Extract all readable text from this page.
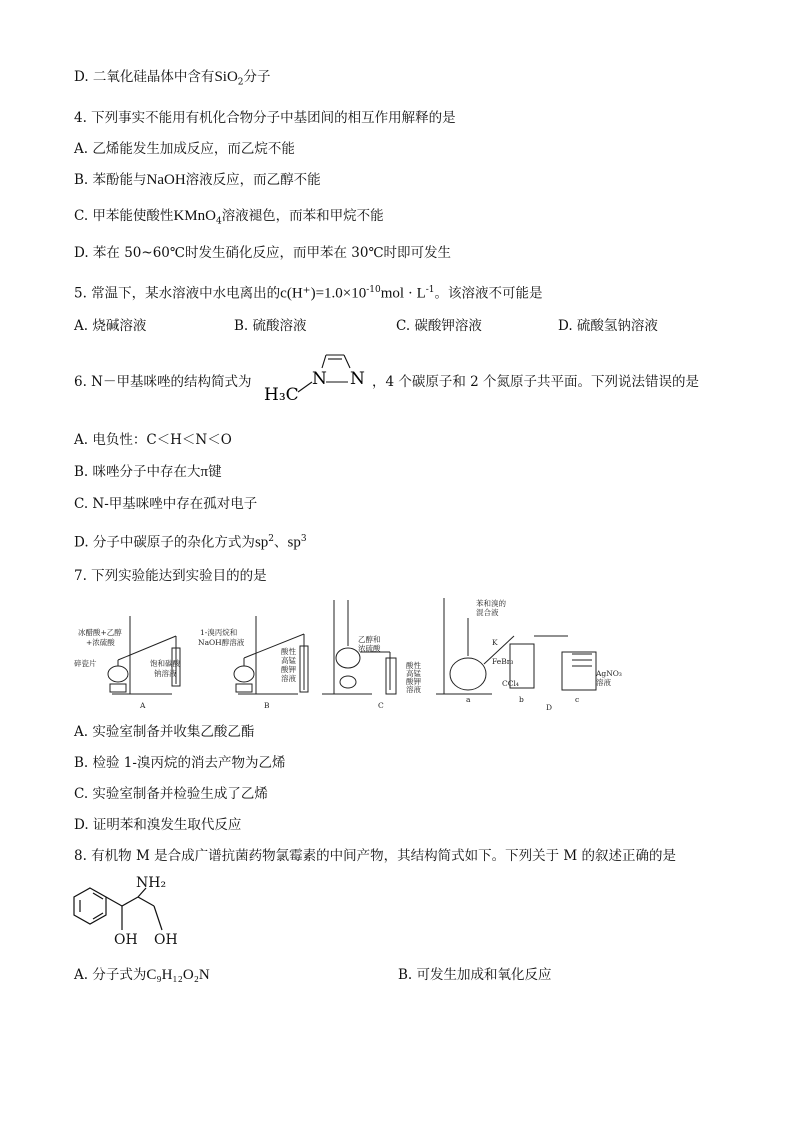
D. 二氧化硅晶体中含有SiO$_2$分子
4. 下列事实不能用有机化合物分子中基团间的相互作用解释的是
A. 乙烯能发生加成反应，而乙烷不能
B. 苯酚能与NaOH溶液反应，而乙醇不能
C. 甲苯能使酸性KMnO$_4$溶液褪色，而苯和甲烷不能
D. 苯在 50~60℃时发生硝化反应，而甲苯在 30℃时即可发生
5. 常温下，某水溶液中水电离出的$c(H^+)=1.0\times 10^{-10}mol \cdot L^{-1}$。该溶液不可能是
A. 烧碱溶液	B. 硫酸溶液	C. 碳酸钾溶液	D. 硫酸氢钠溶液
6. N－甲基咪唑的结构简式为
H₃C
N N ，4 个碳原子和 2 个氮原子共平面。下列说法错误的是
A. 电负性：C＜H＜N＜O
B. 咪唑分子中存在大π键
C. N-甲基咪唑中存在孤对电子
D. 分子中碳原子的杂化方式为$sp^2$、$sp^3$
7. 下列实验能达到实验目的的是
冰醋酸+乙醇
+浓硫酸
碎瓷片	饱和碳酸
钠溶液
A
1-溴丙烷和
NaOH醇溶液
酸性
高锰
酸钾
溶液
B
乙醇和
浓硫酸
酸性
高锰
酸钾
溶液
C
苯和溴的
混合液
K
FeBr₃
CCl₄
AgNO₃
溶液
a	b	c
D
A. 实验室制备并收集乙酸乙酯
B. 检验 1-溴丙烷的消去产物为乙烯
C. 实验室制备并检验生成了乙烯
D. 证明苯和溴发生取代反应
8. 有机物 M 是合成广谱抗菌药物氯霉素的中间产物，其结构简式如下。下列关于 M 的叙述正确的是
NH₂
OH OH
A. 分子式为C₉H₁₂O₂N	B. 可发生加成和氧化反应
